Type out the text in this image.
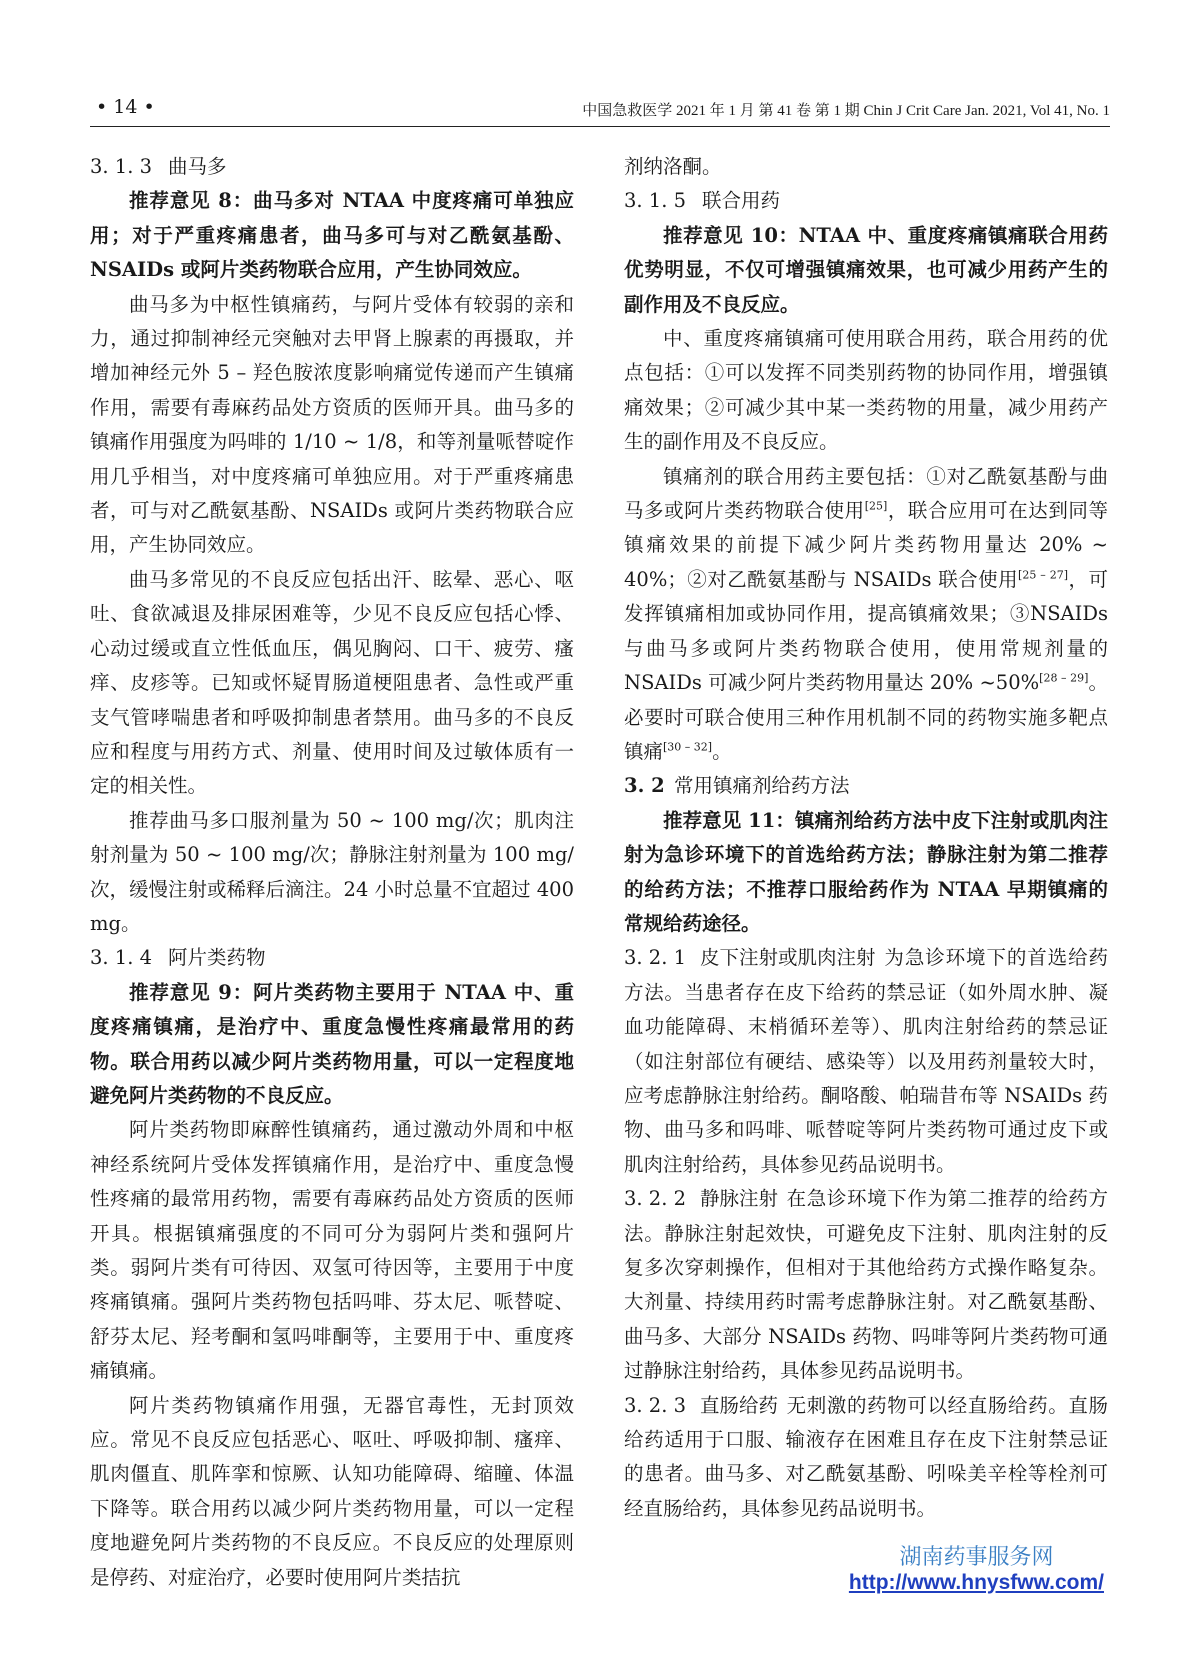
• 14 •	中国急救医学 2021 年 1 月 第 41 卷 第 1 期 Chin J Crit Care Jan. 2021, Vol 41, No. 1

3. 1. 3 曲马多

推荐意见 8：曲马多对 NTAA 中度疼痛可单独应用；对于严重疼痛患者，曲马多可与对乙酰氨基酚、NSAIDs 或阿片类药物联合应用，产生协同效应。

曲马多为中枢性镇痛药，与阿片受体有较弱的亲和力，通过抑制神经元突触对去甲肾上腺素的再摄取，并增加神经元外 5 – 羟色胺浓度影响痛觉传递而产生镇痛作用，需要有毒麻药品处方资质的医师开具。曲马多的镇痛作用强度为吗啡的 1/10 ~ 1/8，和等剂量哌替啶作用几乎相当，对中度疼痛可单独应用。对于严重疼痛患者，可与对乙酰氨基酚、NSAIDs 或阿片类药物联合应用，产生协同效应。

曲马多常见的不良反应包括出汗、眩晕、恶心、呕吐、食欲减退及排尿困难等，少见不良反应包括心悸、心动过缓或直立性低血压，偶见胸闷、口干、疲劳、瘙痒、皮疹等。已知或怀疑胃肠道梗阻患者、急性或严重支气管哮喘患者和呼吸抑制患者禁用。曲马多的不良反应和程度与用药方式、剂量、使用时间及过敏体质有一定的相关性。

推荐曲马多口服剂量为 50 ~ 100 mg/次；肌肉注射剂量为 50 ~ 100 mg/次；静脉注射剂量为 100 mg/次，缓慢注射或稀释后滴注。24 小时总量不宜超过 400 mg。

3. 1. 4 阿片类药物

推荐意见 9：阿片类药物主要用于 NTAA 中、重度疼痛镇痛，是治疗中、重度急慢性疼痛最常用的药物。联合用药以减少阿片类药物用量，可以一定程度地避免阿片类药物的不良反应。

阿片类药物即麻醉性镇痛药，通过激动外周和中枢神经系统阿片受体发挥镇痛作用，是治疗中、重度急慢性疼痛的最常用药物，需要有毒麻药品处方资质的医师开具。根据镇痛强度的不同可分为弱阿片类和强阿片类。弱阿片类有可待因、双氢可待因等，主要用于中度疼痛镇痛。强阿片类药物包括吗啡、芬太尼、哌替啶、舒芬太尼、羟考酮和氢吗啡酮等，主要用于中、重度疼痛镇痛。

阿片类药物镇痛作用强，无器官毒性，无封顶效应。常见不良反应包括恶心、呕吐、呼吸抑制、瘙痒、肌肉僵直、肌阵挛和惊厥、认知功能障碍、缩瞳、体温下降等。联合用药以减少阿片类药物用量，可以一定程度地避免阿片类药物的不良反应。不良反应的处理原则是停药、对症治疗，必要时使用阿片类拮抗

剂纳洛酮。

3. 1. 5 联合用药

推荐意见 10：NTAA 中、重度疼痛镇痛联合用药优势明显，不仅可增强镇痛效果，也可减少用药产生的副作用及不良反应。

中、重度疼痛镇痛可使用联合用药，联合用药的优点包括：①可以发挥不同类别药物的协同作用，增强镇痛效果；②可减少其中某一类药物的用量，减少用药产生的副作用及不良反应。

镇痛剂的联合用药主要包括：①对乙酰氨基酚与曲马多或阿片类药物联合使用[25]，联合应用可在达到同等镇痛效果的前提下减少阿片类药物用量达 20% ~ 40%；②对乙酰氨基酚与 NSAIDs 联合使用[25 – 27]，可发挥镇痛相加或协同作用，提高镇痛效果；③NSAIDs 与曲马多或阿片类药物联合使用，使用常规剂量的 NSAIDs 可减少阿片类药物用量达 20% ~50%[28 – 29]。必要时可联合使用三种作用机制不同的药物实施多靶点镇痛[30 – 32]。

3. 2 常用镇痛剂给药方法

推荐意见 11：镇痛剂给药方法中皮下注射或肌肉注射为急诊环境下的首选给药方法；静脉注射为第二推荐的给药方法；不推荐口服给药作为 NTAA 早期镇痛的常规给药途径。

3. 2. 1 皮下注射或肌肉注射 为急诊环境下的首选给药方法。当患者存在皮下给药的禁忌证（如外周水肿、凝血功能障碍、末梢循环差等）、肌肉注射给药的禁忌证（如注射部位有硬结、感染等）以及用药剂量较大时，应考虑静脉注射给药。酮咯酸、帕瑞昔布等 NSAIDs 药物、曲马多和吗啡、哌替啶等阿片类药物可通过皮下或肌肉注射给药，具体参见药品说明书。

3. 2. 2 静脉注射 在急诊环境下作为第二推荐的给药方法。静脉注射起效快，可避免皮下注射、肌肉注射的反复多次穿刺操作，但相对于其他给药方式操作略复杂。大剂量、持续用药时需考虑静脉注射。对乙酰氨基酚、曲马多、大部分 NSAIDs 药物、吗啡等阿片类药物可通过静脉注射给药，具体参见药品说明书。

3. 2. 3 直肠给药 无刺激的药物可以经直肠给药。直肠给药适用于口服、输液存在困难且存在皮下注射禁忌证的患者。曲马多、对乙酰氨基酚、吲哚美辛栓等栓剂可经直肠给药，具体参见药品说明书。

湖南药事服务网
http://www.hnysfww.com/
